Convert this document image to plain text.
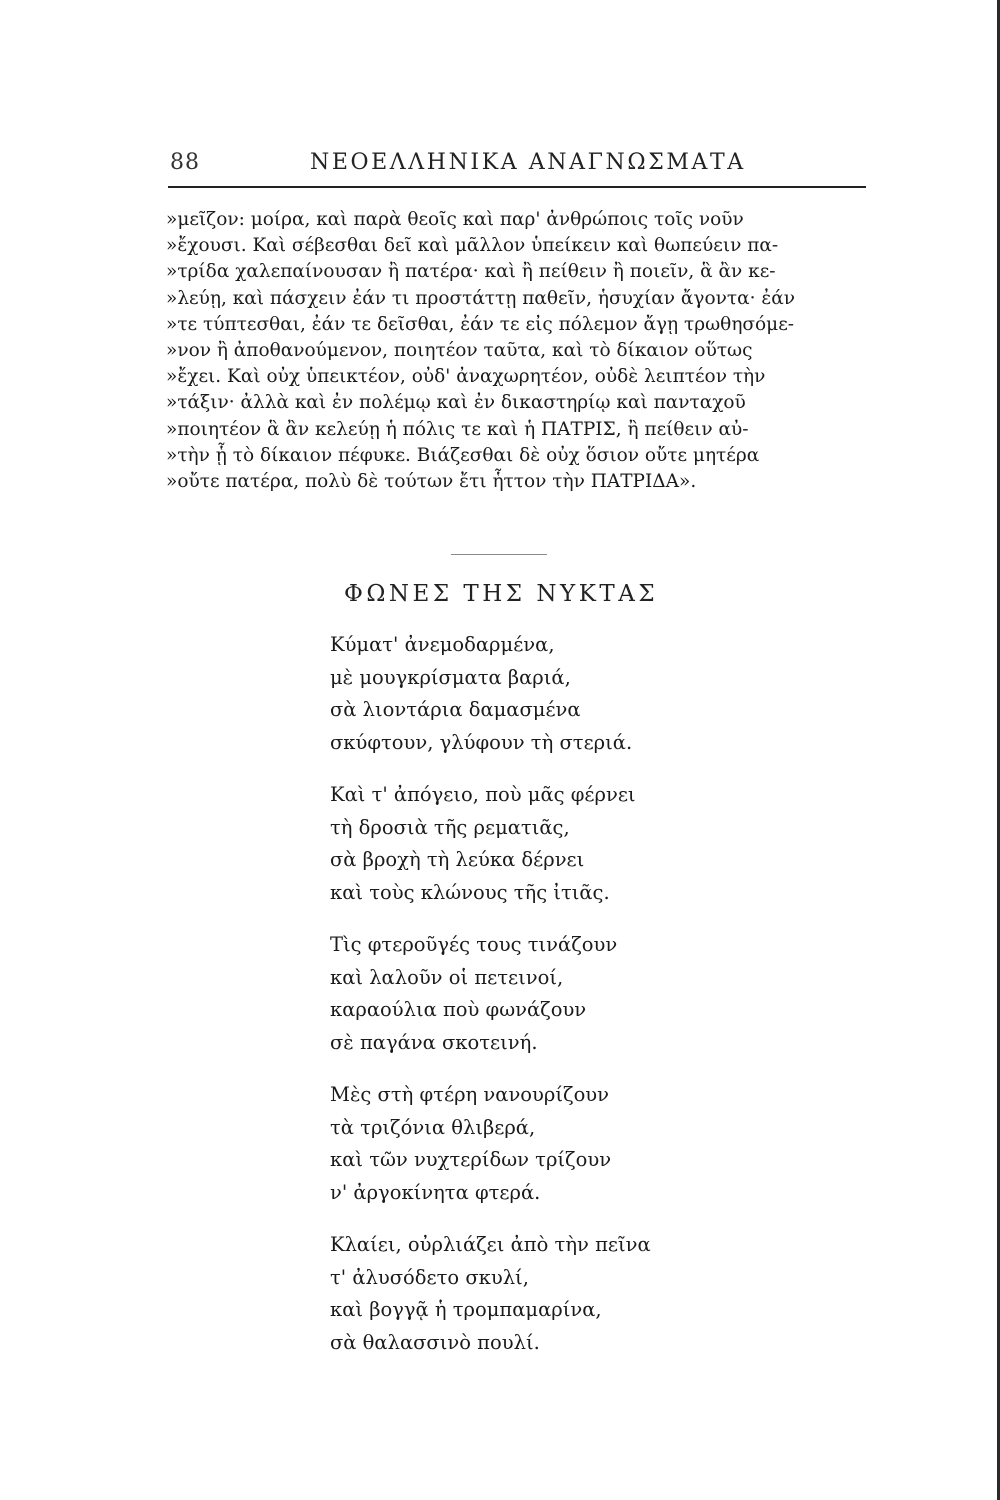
88	ΝΕΟΕΛΛΗΝΙΚΑ ΑΝΑΓΝΩΣΜΑΤΑ
»μεῖζον: μοίρα, καὶ παρὰ θεοῖς καὶ παρ' ἀνθρώποις τοῖς νοῦν
»ἔχουσι. Καὶ σέβεσθαι δεῖ καὶ μᾶλλον ὑπείκειν καὶ θωπεύειν πα-
»τρίδα χαλεπαίνουσαν ἢ πατέρα· καὶ ἢ πείθειν ἢ ποιεῖν, ἃ ἂν κε-
»λεύῃ, καὶ πάσχειν ἐάν τι προστάττῃ παθεῖν, ἡσυχίαν ἄγοντα· ἐάν
»τε τύπτεσθαι, ἐάν τε δεῖσθαι, ἐάν τε εἰς πόλεμον ἄγῃ τρωθησόμε-
»νον ἢ ἀποθανούμενον, ποιητέον ταῦτα, καὶ τὸ δίκαιον οὕτως
»ἔχει. Καὶ οὐχ ὑπεικτέον, οὐδ' ἀναχωρητέον, οὐδὲ λειπτέον τὴν
»τάξιν· ἀλλὰ καὶ ἐν πολέμῳ καὶ ἐν δικαστηρίῳ καὶ πανταχοῦ
»ποιητέον ἃ ἂν κελεύῃ ἡ πόλις τε καὶ ἡ ΠΑΤΡΙΣ, ἢ πείθειν αὐ-
»τὴν ᾗ τὸ δίκαιον πέφυκε. Βιάζεσθαι δὲ οὐχ ὅσιον οὔτε μητέρα
»οὔτε πατέρα, πολὺ δὲ τούτων ἔτι ἧττον τὴν ΠΑΤΡΙΔΑ».
ΦΩΝΕΣ ΤΗΣ ΝΥΚΤΑΣ
Κύματ' ἀνεμοδαρμένα,
μὲ μουγκρίσματα βαριά,
σὰ λιοντάρια δαμασμένα
σκύφτουν, γλύφουν τὴ στεριά.
Καὶ τ' ἀπόγειο, ποὺ μᾶς φέρνει
τὴ δροσιὰ τῆς ρεματιᾶς,
σὰ βροχὴ τὴ λεύκα δέρνει
καὶ τοὺς κλώνους τῆς ἰτιᾶς.
Τὶς φτεροῦγές τους τινάζουν
καὶ λαλοῦν οἱ πετεινοί,
καραούλια ποὺ φωνάζουν
σὲ παγάνα σκοτεινή.
Μὲς στὴ φτέρη νανουρίζουν
τὰ τριζόνια θλιβερά,
καὶ τῶν νυχτερίδων τρίζουν
ν' ἀργοκίνητα φτερά.
Κλαίει, οὐρλιάζει ἀπὸ τὴν πεῖνα
τ' ἀλυσόδετο σκυλί,
καὶ βογγᾷ ἡ τρομπαμαρίνα,
σὰ θαλασσινὸ πουλί.
